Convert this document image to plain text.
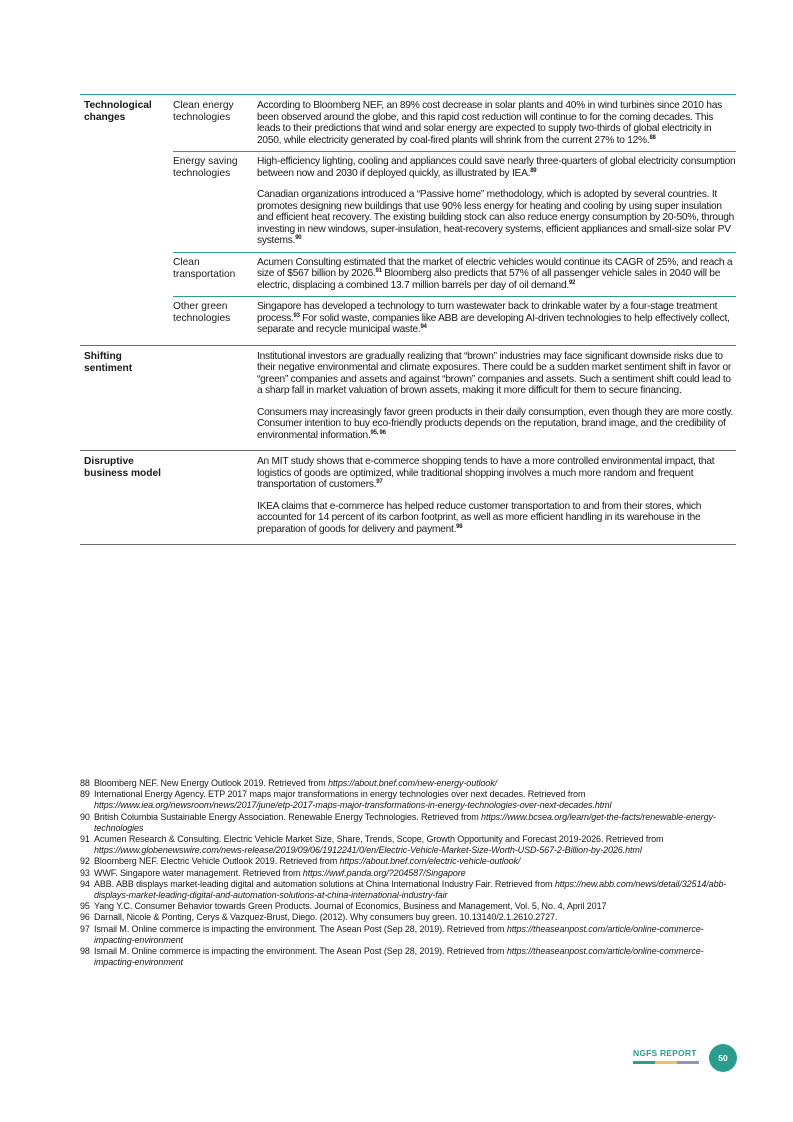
Technological
changes
Clean energy
technologies
According to Bloomberg NEF, an 89% cost decrease in solar plants and 40% in wind turbines since 2010 has been observed around the globe, and this rapid cost reduction will continue to for the coming decades. This leads to their predictions that wind and solar energy are expected to supply two-thirds of global electricity in 2050, while electricity generated by coal-fired plants will shrink from the current 27% to 12%.$^{88}$
Energy saving
technologies
High-efficiency lighting, cooling and appliances could save nearly three-quarters of global electricity consumption between now and 2030 if deployed quickly, as illustrated by IEA.$^{89}$
Canadian organizations introduced a “Passive home” methodology, which is adopted by several countries. It promotes designing new buildings that use 90% less energy for heating and cooling by using super insulation and efficient heat recovery. The existing building stock can also reduce energy consumption by 20-50%, through investing in new windows, super-insulation, heat-recovery systems, efficient appliances and small-size solar PV systems.$^{90}$
Clean
transportation
Acumen Consulting estimated that the market of electric vehicles would continue its CAGR of 25%, and reach a size of $567 billion by 2026.91 Bloomberg also predicts that 57% of all passenger vehicle sales in 2040 will be electric, displacing a combined 13.7 million barrels per day of oil demand.$^{92}$
Other green
technologies
Singapore has developed a technology to turn wastewater back to drinkable water by a four-stage treatment process.$^{93}$ For solid waste, companies like ABB are developing AI-driven technologies to help effectively collect, separate and recycle municipal waste.$^{94}$
Shifting
sentiment
Institutional investors are gradually realizing that “brown” industries may face significant downside risks due to their negative environmental and climate exposures. There could be a sudden market sentiment shift in favor or “green” companies and assets and against “brown” companies and assets. Such a sentiment shift could lead to a sharp fall in market valuation of brown assets, making it more difficult for them to secure financing.
Consumers may increasingly favor green products in their daily consumption, even though they are more costly. Consumer intention to buy eco-friendly products depends on the reputation, brand image, and the credibility of environmental information.$^{95, 96}$
Disruptive
business model
An MIT study shows that e-commerce shopping tends to have a more controlled environmental impact, that logistics of goods are optimized, while traditional shopping involves a much more random and frequent transportation of customers.$^{97}$
IKEA claims that e-commerce has helped reduce customer transportation to and from their stores, which accounted for 14 percent of its carbon footprint, as well as more efficient handling in its warehouse in the preparation of goods for delivery and payment.$^{98}$
88 Bloomberg NEF. New Energy Outlook 2019. Retrieved from https://about.bnef.com/new-energy-outlook/
89 International Energy Agency. ETP 2017 maps major transformations in energy technologies over next decades. Retrieved from https://www.iea.org/newsroom/news/2017/june/etp-2017-maps-major-transformations-in-energy-technologies-over-next-decades.html
90 British Columbia Sustainable Energy Association. Renewable Energy Technologies. Retrieved from https://www.bcsea.org/learn/get-the-facts/renewable-energy-technologies
91 Acumen Research & Consulting. Electric Vehicle Market Size, Share, Trends, Scope, Growth Opportunity and Forecast 2019-2026. Retrieved from https://www.globenewswire.com/news-release/2019/09/06/1912241/0/en/Electric-Vehicle-Market-Size-Worth-USD-567-2-Billion-by-2026.html
92 Bloomberg NEF. Electric Vehicle Outlook 2019. Retrieved from https://about.bnef.com/electric-vehicle-outlook/
93 WWF. Singapore water management. Retrieved from https://wwf.panda.org/?204587/Singapore
94 ABB. ABB displays market-leading digital and automation solutions at China International Industry Fair. Retrieved from https://new.abb.com/news/detail/32514/abb-displays-market-leading-digital-and-automation-solutions-at-china-international-industry-fair
95 Yang Y.C. Consumer Behavior towards Green Products. Journal of Economics, Business and Management, Vol. 5, No. 4, April 2017
96 Darnall, Nicole & Ponting, Cerys & Vazquez-Brust, Diego. (2012). Why consumers buy green. 10.13140/2.1.2610.2727.
97 Ismail M. Online commerce is impacting the environment. The Asean Post (Sep 28, 2019). Retrieved from https://theaseanpost.com/article/online-commerce-impacting-environment
98 Ismail M. Online commerce is impacting the environment. The Asean Post (Sep 28, 2019). Retrieved from https://theaseanpost.com/article/online-commerce-impacting-environment
NGFS REPORT	50
